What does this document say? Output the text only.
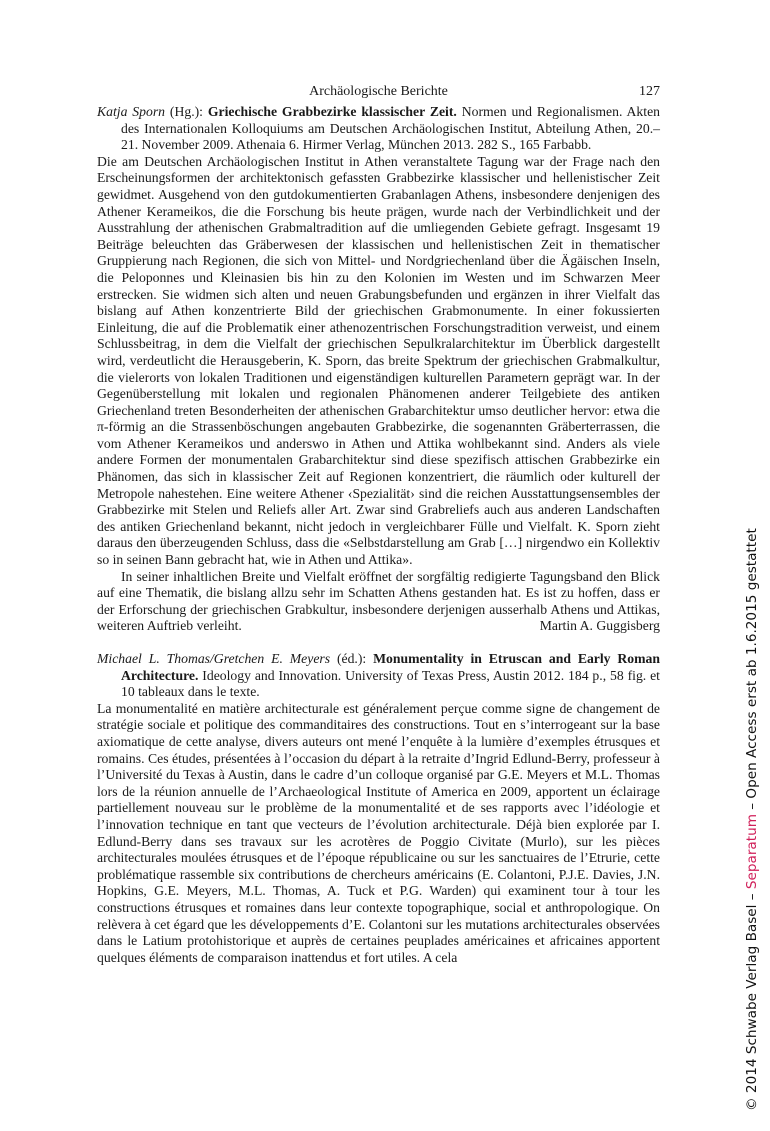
Archäologische Berichte	127

Katja Sporn (Hg.): Griechische Grabbezirke klassischer Zeit. Normen und Regionalismen. Akten des Internationalen Kolloquiums am Deutschen Archäologischen Institut, Abteilung Athen, 20.–21. November 2009. Athenaia 6. Hirmer Verlag, München 2013. 282 S., 165 Farbabb.

Die am Deutschen Archäologischen Institut in Athen veranstaltete Tagung war der Frage nach den Erscheinungsformen der architektonisch gefassten Grabbezirke klassischer und hellenistischer Zeit gewidmet. Ausgehend von den gutdokumentierten Grabanlagen Athens, insbesondere denjenigen des Athener Kerameikos, die die Forschung bis heute prägen, wurde nach der Verbindlichkeit und der Ausstrahlung der athenischen Grabmaltradition auf die umliegenden Gebiete gefragt. Insgesamt 19 Beiträge beleuchten das Gräberwesen der klassischen und hellenistischen Zeit in thematischer Gruppierung nach Regionen, die sich von Mittel- und Nordgriechenland über die Ägäischen Inseln, die Peloponnes und Kleinasien bis hin zu den Kolonien im Westen und im Schwarzen Meer erstrecken. Sie widmen sich alten und neuen Grabungsbefunden und ergänzen in ihrer Vielfalt das bislang auf Athen konzentrierte Bild der griechischen Grabmonumente. In einer fokussierten Einleitung, die auf die Problematik einer athenozentrischen Forschungstradition verweist, und einem Schlussbeitrag, in dem die Vielfalt der griechischen Sepulkralarchitektur im Überblick dargestellt wird, verdeutlicht die Herausgeberin, K. Sporn, das breite Spektrum der griechischen Grabmalkultur, die vielerorts von lokalen Traditionen und eigenständigen kulturellen Parametern geprägt war. In der Gegenüberstellung mit lokalen und regionalen Phänomenen anderer Teilgebiete des antiken Griechenland treten Besonderheiten der athenischen Grabarchitektur umso deutlicher hervor: etwa die π-förmig an die Strassenböschungen angebauten Grabbezirke, die sogenannten Gräberterrassen, die vom Athener Kerameikos und anderswo in Athen und Attika wohlbekannt sind. Anders als viele andere Formen der monumentalen Grabarchitektur sind diese spezifisch attischen Grabbezirke ein Phänomen, das sich in klassischer Zeit auf Regionen konzentriert, die räumlich oder kulturell der Metropole nahestehen. Eine weitere Athener ‹Spezialität› sind die reichen Ausstattungsensembles der Grabbezirke mit Stelen und Reliefs aller Art. Zwar sind Grabreliefs auch aus anderen Landschaften des antiken Griechenland bekannt, nicht jedoch in vergleichbarer Fülle und Vielfalt. K. Sporn zieht daraus den überzeugenden Schluss, dass die «Selbstdarstellung am Grab […] nirgendwo ein Kollektiv so in seinen Bann gebracht hat, wie in Athen und Attika».

In seiner inhaltlichen Breite und Vielfalt eröffnet der sorgfältig redigierte Tagungsband den Blick auf eine Thematik, die bislang allzu sehr im Schatten Athens gestanden hat. Es ist zu hoffen, dass er der Erforschung der griechischen Grabkultur, insbesondere derjenigen ausserhalb Athens und Attikas, weiteren Auftrieb verleiht.	Martin A. Guggisberg

Michael L. Thomas/Gretchen E. Meyers (éd.): Monumentality in Etruscan and Early Roman Architecture. Ideology and Innovation. University of Texas Press, Austin 2012. 184 p., 58 fig. et 10 tableaux dans le texte.

La monumentalité en matière architecturale est généralement perçue comme signe de changement de stratégie sociale et politique des commanditaires des constructions. Tout en s’interrogeant sur la base axiomatique de cette analyse, divers auteurs ont mené l’enquête à la lumière d’exemples étrusques et romains. Ces études, présentées à l’occasion du départ à la retraite d’Ingrid Edlund-Berry, professeur à l’Université du Texas à Austin, dans le cadre d’un colloque organisé par G.E. Meyers et M.L. Thomas lors de la réunion annuelle de l’Archaeological Institute of America en 2009, apportent un éclairage partiellement nouveau sur le problème de la monumentalité et de ses rapports avec l’idéologie et l’innovation technique en tant que vecteurs de l’évolution architecturale. Déjà bien explorée par I. Edlund-Berry dans ses travaux sur les acrotères de Poggio Civitate (Murlo), sur les pièces architecturales moulées étrusques et de l’époque républicaine ou sur les sanctuaires de l’Etrurie, cette problématique rassemble six contributions de chercheurs américains (E. Colantoni, P.J.E. Davies, J.N. Hopkins, G.E. Meyers, M.L. Thomas, A. Tuck et P.G. Warden) qui examinent tour à tour les constructions étrusques et romaines dans leur contexte topographique, social et anthropologique. On relèvera à cet égard que les développements d’E. Colantoni sur les mutations architecturales observées dans le Latium protohistorique et auprès de certaines peuplades américaines et africaines apportent quelques éléments de comparaison inattendus et fort utiles. A cela	© 2014 Schwabe Verlag Basel – Separatum – Open Access erst ab 1.6.2015 gestattet
